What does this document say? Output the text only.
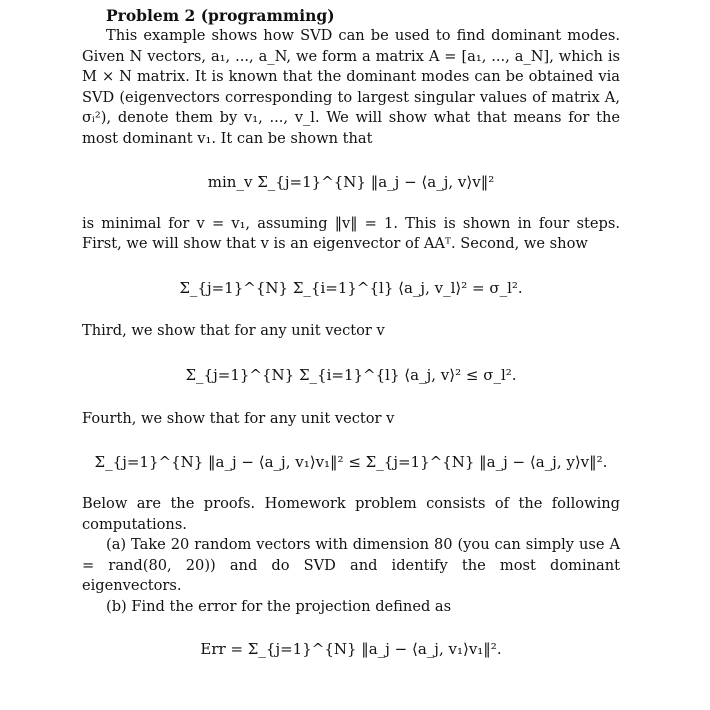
Problem 2 (programming)
This example shows how SVD can be used to find dominant modes. Given N vectors, a₁, ..., a_N, we form a matrix A = [a₁, ..., a_N], which is M × N matrix. It is known that the dominant modes can be obtained via SVD (eigenvectors corresponding to largest singular values of matrix A, σᵢ²), denote them by v₁, ..., v_l. We will show what that means for the most dominant v₁. It can be shown that
min_v Σ_{j=1}^{N} ‖a_j − ⟨a_j, v⟩v‖²
is minimal for v = v₁, assuming ‖v‖ = 1. This is shown in four steps. First, we will show that v is an eigenvector of AAᵀ. Second, we show
Σ_{j=1}^{N} Σ_{i=1}^{l} ⟨a_j, v_l⟩² = σ_l².
Third, we show that for any unit vector v
Σ_{j=1}^{N} Σ_{i=1}^{l} ⟨a_j, v⟩² ≤ σ_l².
Fourth, we show that for any unit vector v
Σ_{j=1}^{N} ‖a_j − ⟨a_j, v₁⟩v₁‖² ≤ Σ_{j=1}^{N} ‖a_j − ⟨a_j, y⟩v‖².
Below are the proofs. Homework problem consists of the following computations.
(a) Take 20 random vectors with dimension 80 (you can simply use A = rand(80, 20)) and do SVD and identify the most dominant eigenvectors.
(b) Find the error for the projection defined as
Err = Σ_{j=1}^{N} ‖a_j − ⟨a_j, v₁⟩v₁‖².
